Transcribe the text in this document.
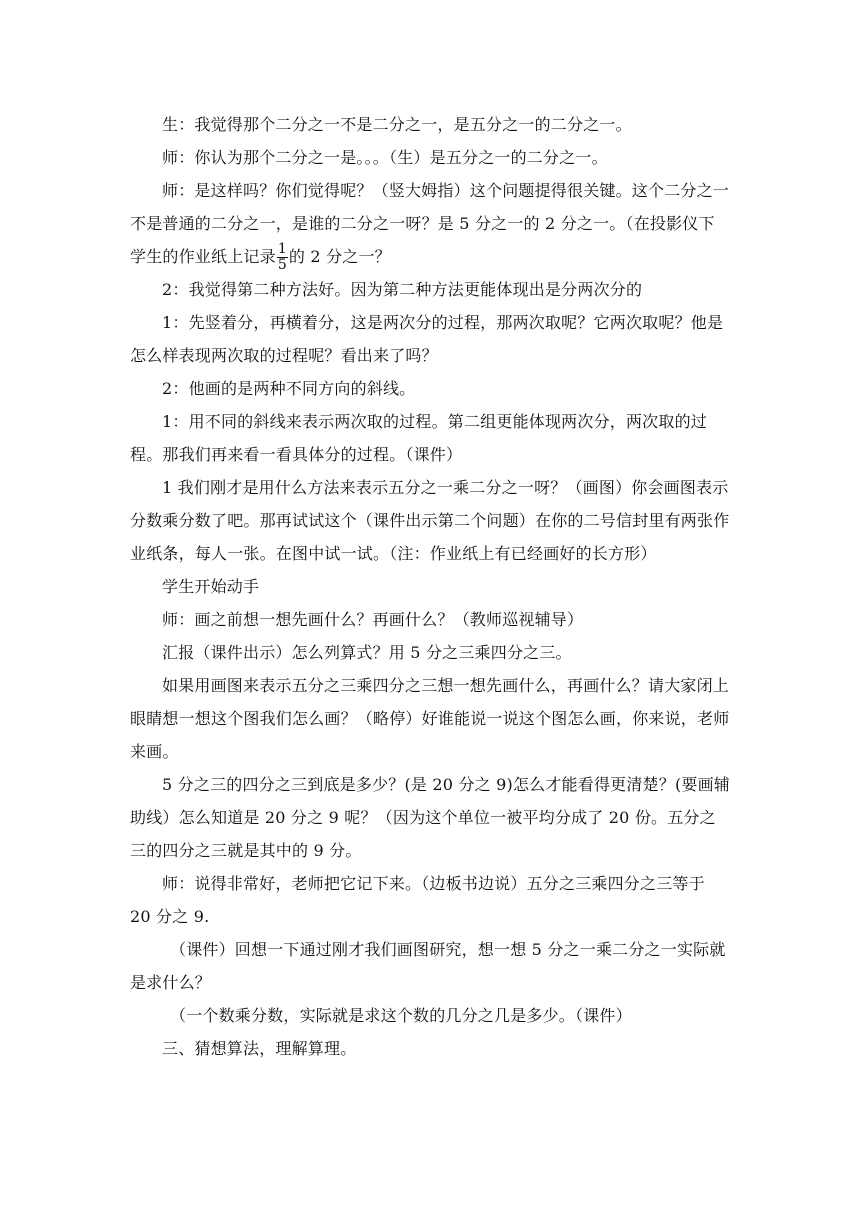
生：我觉得那个二分之一不是二分之一，是五分之一的二分之一。

师：你认为那个二分之一是。。。（生）是五分之一的二分之一。

师：是这样吗？你们觉得呢？（竖大姆指）这个问题提得很关键。这个二分之一不是普通的二分之一，是谁的二分之一呀？是 5 分之一的 2 分之一。（在投影仪下学生的作业纸上记录 $\frac{1}{5}$ 的 2 分之一？

2：我觉得第二种方法好。因为第二种方法更能体现出是分两次分的

1：先竖着分，再横着分，这是两次分的过程，那两次取呢？它两次取呢？他是怎么样表现两次取的过程呢？看出来了吗？

2：他画的是两种不同方向的斜线。

1：用不同的斜线来表示两次取的过程。第二组更能体现两次分，两次取的过程。那我们再来看一看具体分的过程。（课件）

1 我们刚才是用什么方法来表示五分之一乘二分之一呀？（画图）你会画图表示分数乘分数了吧。那再试试这个（课件出示第二个问题）在你的二号信封里有两张作业纸条，每人一张。在图中试一试。（注：作业纸上有已经画好的长方形）

学生开始动手

师：画之前想一想先画什么？再画什么？（教师巡视辅导）

汇报（课件出示）怎么列算式？用 5 分之三乘四分之三。

如果用画图来表示五分之三乘四分之三想一想先画什么，再画什么？请大家闭上眼睛想一想这个图我们怎么画？（略停）好谁能说一说这个图怎么画，你来说，老师来画。

5 分之三的四分之三到底是多少？(是 20 分之 9)怎么才能看得更清楚？(要画辅助线）怎么知道是 20 分之 9 呢？（因为这个单位一被平均分成了 20 份。五分之三的四分之三就是其中的 9 分。

师：说得非常好，老师把它记下来。（边板书边说）五分之三乘四分之三等于 20 分之 9.

（课件）回想一下通过刚才我们画图研究，想一想 5 分之一乘二分之一实际就是求什么？

（一个数乘分数，实际就是求这个数的几分之几是多少。（课件）

三、猜想算法，理解算理。
